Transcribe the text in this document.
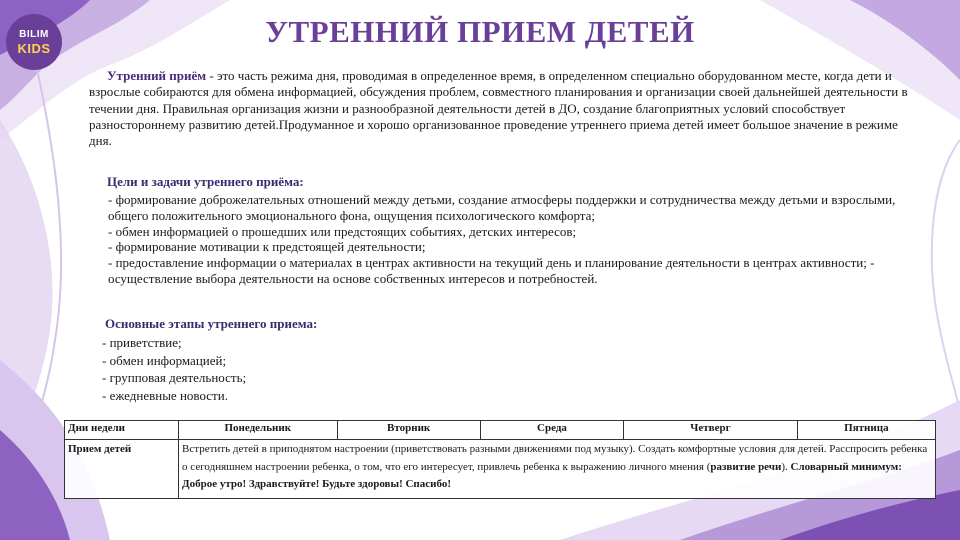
BILIM
KIDS	УТРЕННИЙ ПРИЕМ ДЕТЕЙ
Утренний приём - это часть режима дня, проводимая в определенное время, в определенном специально оборудованном месте, когда дети и взрослые собираются для обмена информацией, обсуждения проблем, совместного планирования и организации своей дальнейшей деятельности в течении дня. Правильная организация жизни и разнообразной деятельности детей в ДО, создание благоприятных условий способствует разностороннему развитию детей.Продуманное и хорошо организованное проведение утреннего приема детей имеет большое значение в режиме дня.
Цели и задачи утреннего приёма:
- формирование доброжелательных отношений между детьми, создание атмосферы поддержки и сотрудничества между детьми и взрослыми, общего положительного эмоционального фона, ощущения психологического комфорта;
- обмен информацией о прошедших или предстоящих событиях, детских интересов;
- формирование мотивации к предстоящей деятельности;
- предоставление информации о материалах в центрах активности на текущий день и планирование деятельности в центрах активности; - осуществление выбора деятельности на основе собственных интересов и потребностей.
Основные этапы утреннего приема:
- приветствие;
- обмен информацией;
- групповая деятельность;
- ежедневные новости.
Дни недели	Понедельник	Вторник	Среда	Четверг	Пятница
Прием детей	Встретить детей в приподнятом настроении (приветствовать разными движениями под музыку). Создать комфортные условия для детей. Расспросить ребенка о сегодняшнем настроении ребенка, о том, что его интересует, привлечь ребенка к выражению личного мнения (развитие речи). Словарный минимум: Доброе утро! Здравствуйте! Будьте здоровы! Спасибо!				
